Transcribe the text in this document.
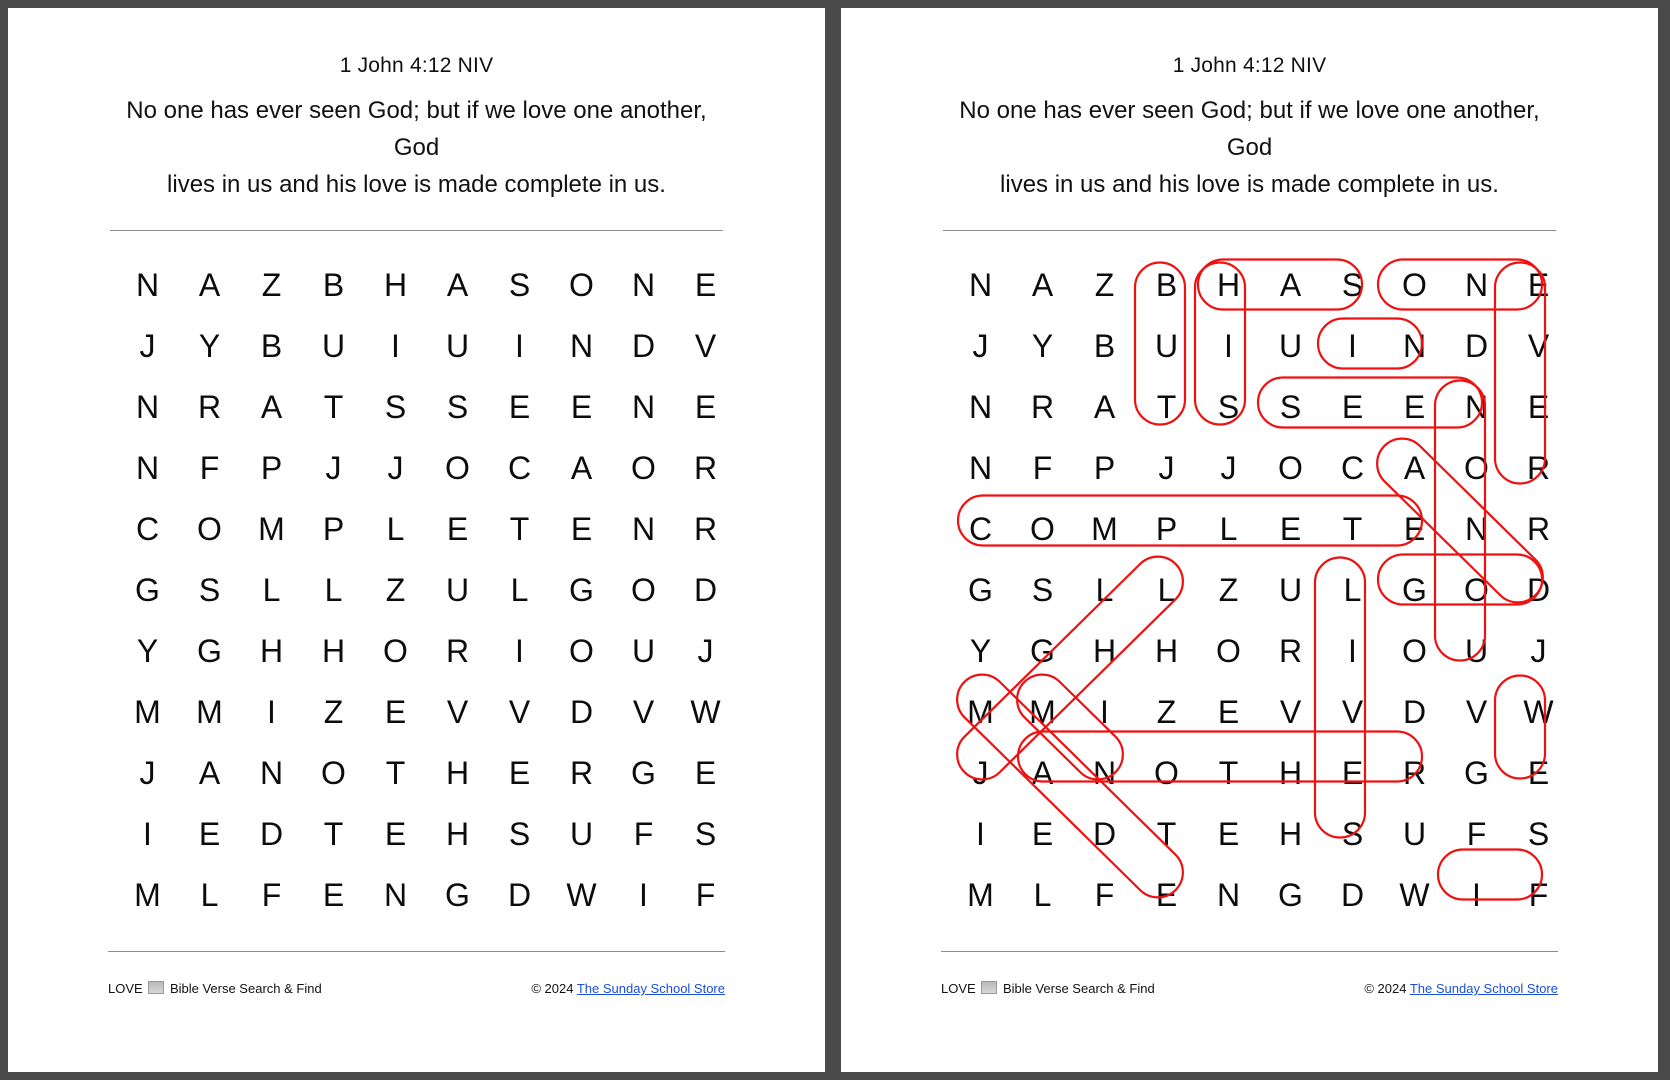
1 John 4:12 NIV
No one has ever seen God; but if we love one another, God
lives in us and his love is made complete in us.
N	A	Z	B	H	A	S	O	N	E
J	Y	B	U	I	U	I	N	D	V
N	R	A	T	S	S	E	E	N	E
N	F	P	J	J	O	C	A	O	R
C	O	M	P	L	E	T	E	N	R
G	S	L	L	Z	U	L	G	O	D
Y	G	H	H	O	R	I	O	U	J
M	M	I	Z	E	V	V	D	V	W
J	A	N	O	T	H	E	R	G	E
I	E	D	T	E	H	S	U	F	S
M	L	F	E	N	G	D	W	I	F
LOVE Bible Verse Search & Find	© 2024 The Sunday School Store
1 John 4:12 NIV
No one has ever seen God; but if we love one another, God
lives in us and his love is made complete in us.
N	A	Z	B	H	A	S	O	N	E
J	Y	B	U	I	U	I	N	D	V
N	R	A	T	S	S	E	E	N	E
N	F	P	J	J	O	C	A	O	R
C	O	M	P	L	E	T	E	N	R
G	S	L	L	Z	U	L	G	O	D
Y	G	H	H	O	R	I	O	U	J
M	M	I	Z	E	V	V	D	V	W
J	A	N	O	T	H	E	R	G	E
I	E	D	T	E	H	S	U	F	S
M	L	F	E	N	G	D	W	I	F
LOVE Bible Verse Search & Find	© 2024 The Sunday School Store
